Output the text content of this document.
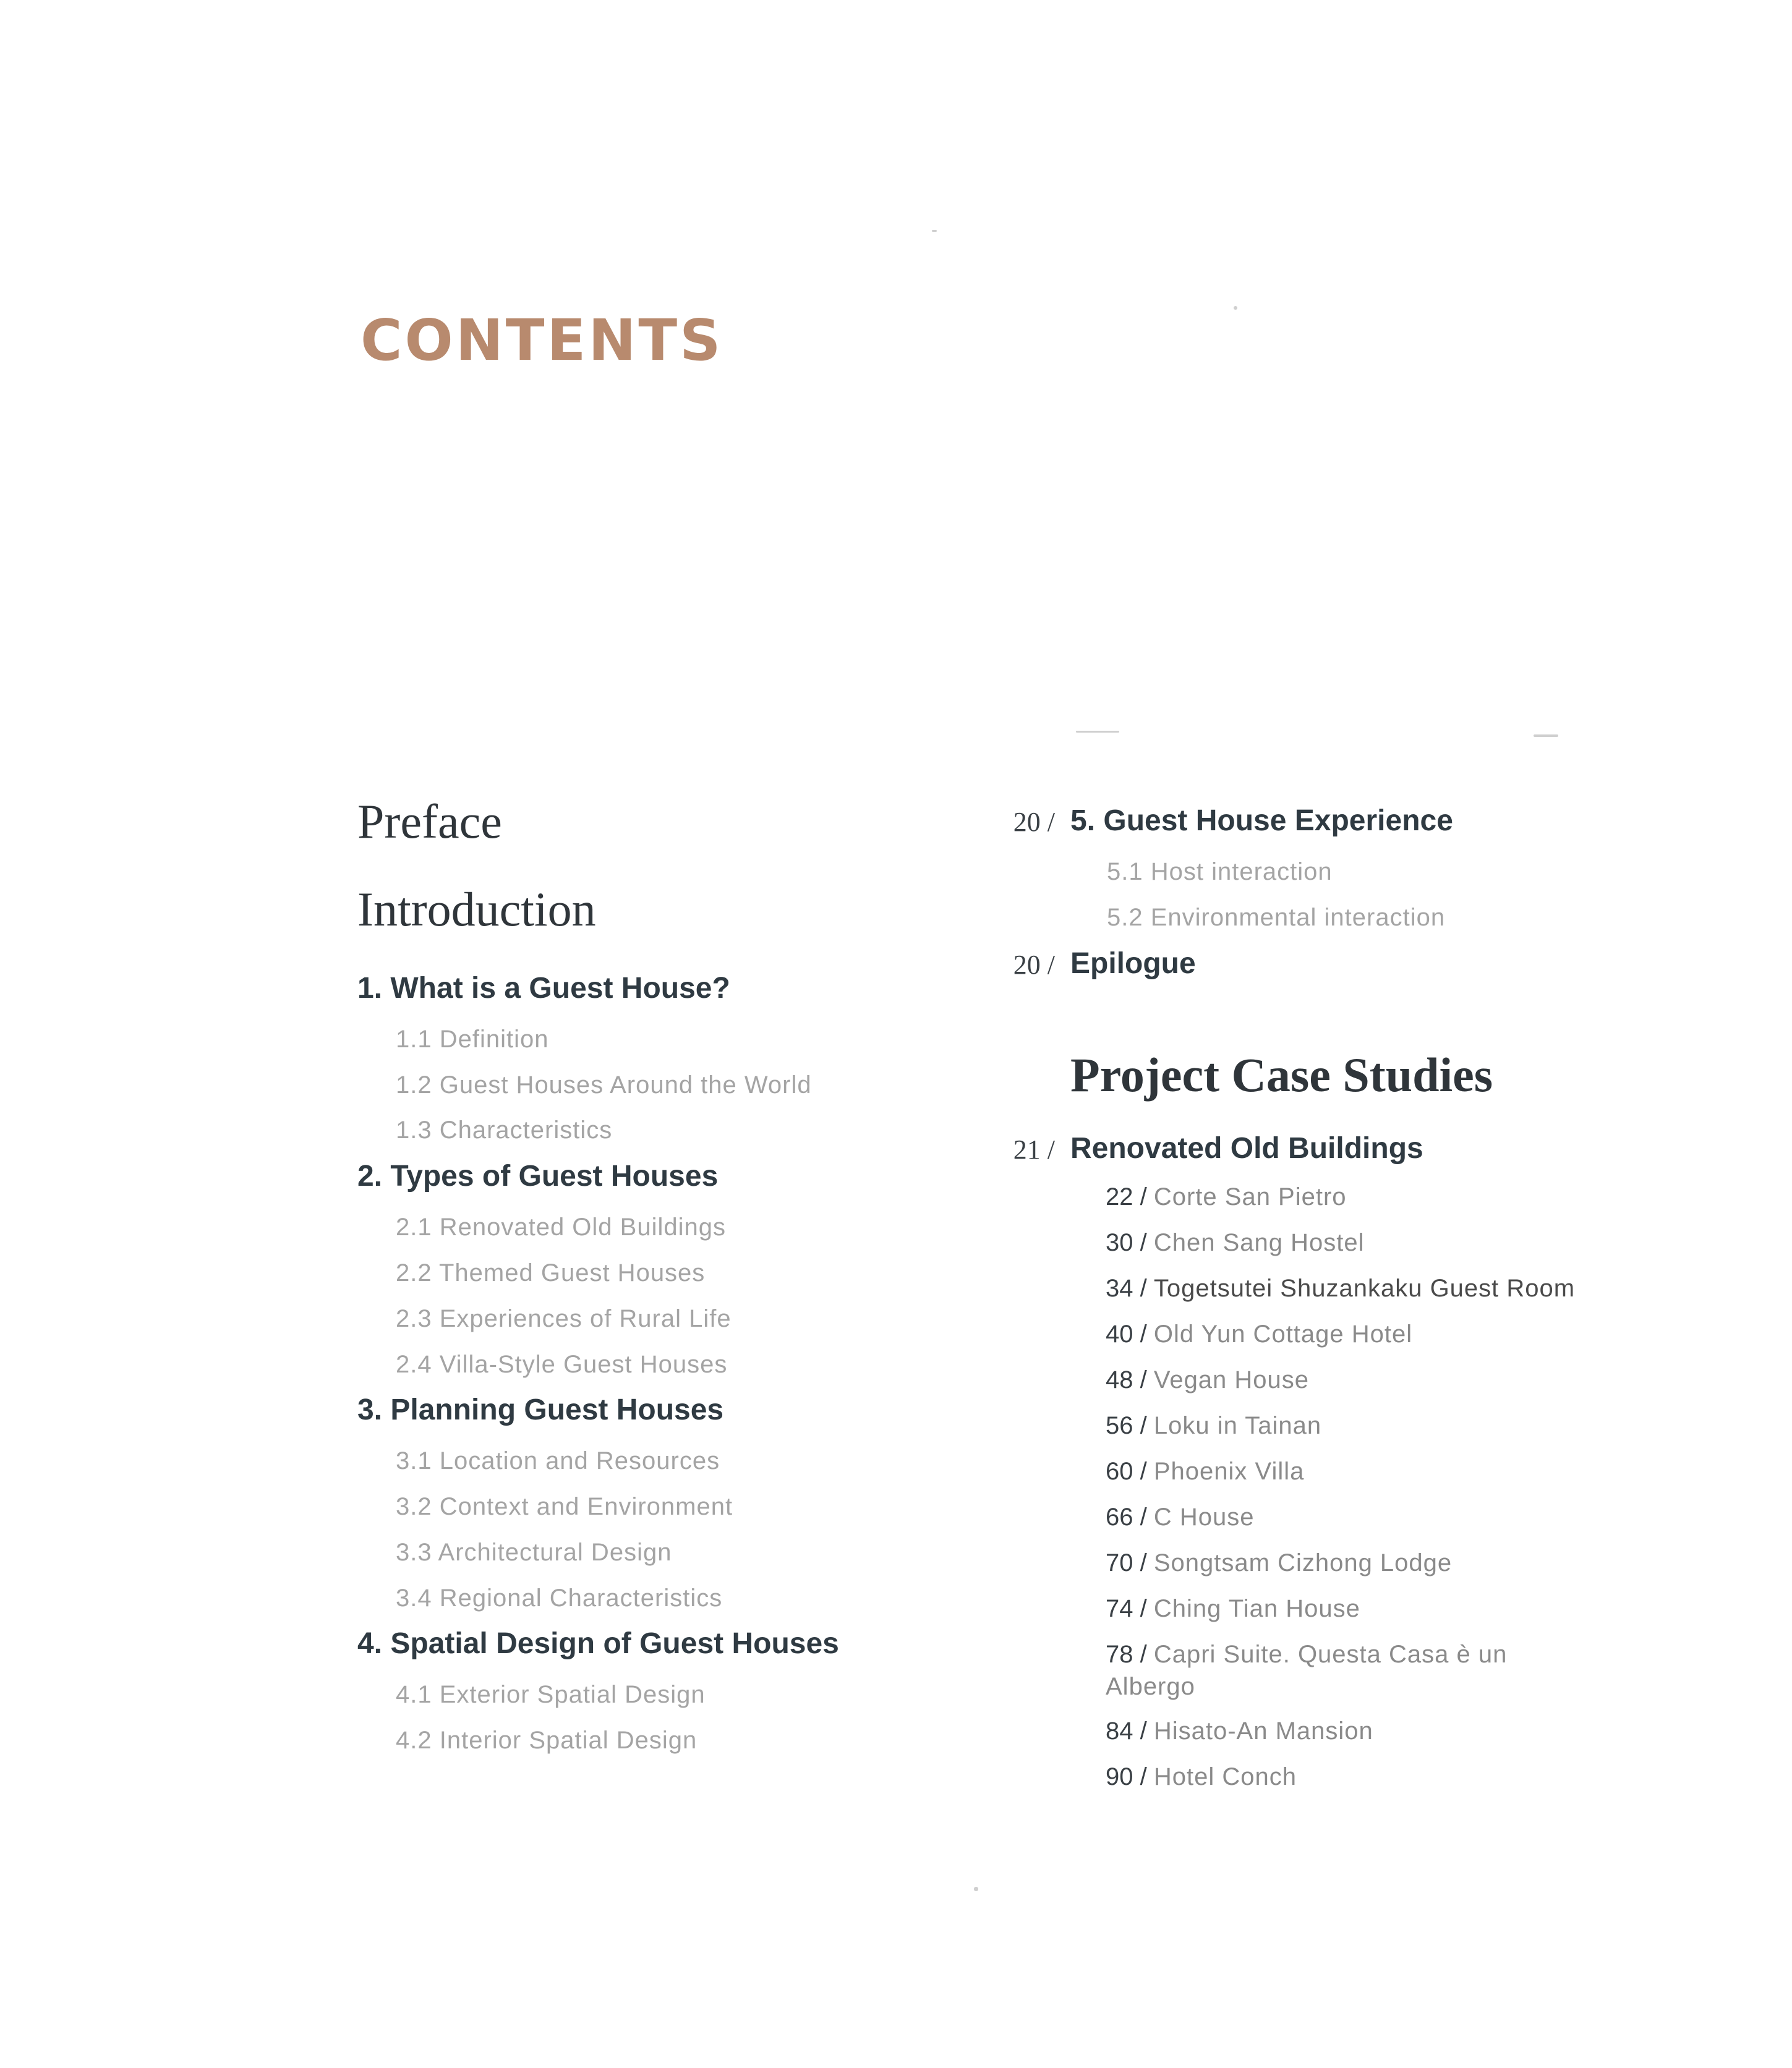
CONTENTS
Preface
Introduction
1. What is a Guest House?
1.1 Definition
1.2 Guest Houses Around the World
1.3 Characteristics
2. Types of Guest Houses
2.1 Renovated Old Buildings
2.2 Themed Guest Houses
2.3 Experiences of Rural Life
2.4 Villa-Style Guest Houses
3. Planning Guest Houses
3.1 Location and Resources
3.2 Context and Environment
3.3 Architectural Design
3.4 Regional Characteristics
4. Spatial Design of Guest Houses
4.1 Exterior Spatial Design
4.2 Interior Spatial Design
20 / 5. Guest House Experience
5.1 Host interaction
5.2 Environmental interaction
20 / Epilogue
Project Case Studies
21 / Renovated Old Buildings
22 / Corte San Pietro
30 / Chen Sang Hostel
34 / Togetsutei Shuzankaku Guest Room
40 / Old Yun Cottage Hotel
48 / Vegan House
56 / Loku in Tainan
60 / Phoenix Villa
66 / C House
70 / Songtsam Cizhong Lodge
74 / Ching Tian House
78 / Capri Suite. Questa Casa è un Albergo
84 / Hisato-An Mansion
90 / Hotel Conch
